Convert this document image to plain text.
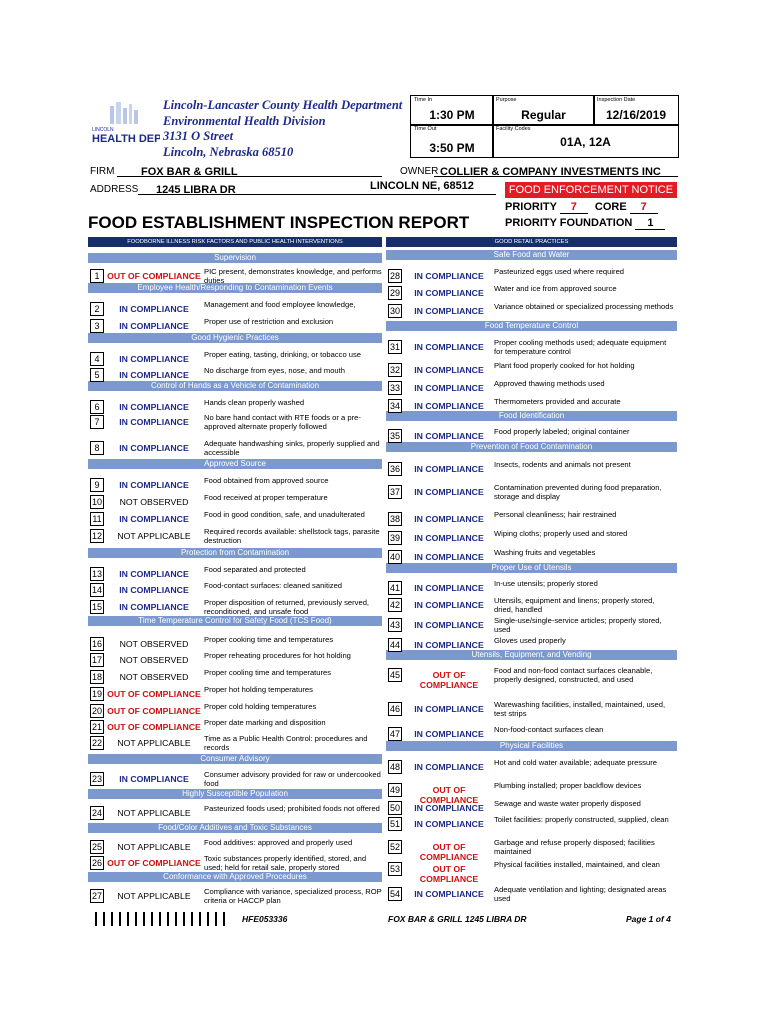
LINCOLN
HEALTH DEP
Lincoln-Lancaster County Health Department
Environmental Health Division
3131 O Street
Lincoln, Nebraska 68510
Time In
1:30 PM
Time Out
3:50 PM
Purpose
Regular
Inspection Date
12/16/2019
Facility Codes
01A, 12A
FIRM	FOX BAR & GRILL	OWNER COLLIER & COMPANY INVESTMENTS INC
ADDRESS	1245 LIBRA DR	LINCOLN NE, 68512	FOOD ENFORCEMENT NOTICE
FOOD ESTABLISHMENT INSPECTION REPORT
PRIORITY 7 CORE 7
PRIORITY FOUNDATION 1
FOODBORNE ILLNESS RISK FACTORS AND PUBLIC HEALTH INTERVENTIONS
Supervision
Employee Health/Responding to Contamination Events
Good Hygienic Practices
Control of Hands as a Vehicle of Contamination
Approved Source
Protection from Contamination
Time Temperature Control for Safety Food (TCS Food)
Consumer Advisory
Highly Susceptible Population
Food/Color Additives and Toxic Substances
Conformance with Approved Procedures
1 OUT OF COMPLIANCE PIC present, demonstrates knowledge, and performs duties
2	IN COMPLIANCE	Management and food employee knowledge,
3	IN COMPLIANCE	Proper use of restriction and exclusion
4	IN COMPLIANCE	Proper eating, tasting, drinking, or tobacco use
5	IN COMPLIANCE	No discharge from eyes, nose, and mouth
6	IN COMPLIANCE	Hands clean properly washed
7	IN COMPLIANCE	No bare hand contact with RTE foods or a pre-approved alternate properly followed
8	IN COMPLIANCE	Adequate handwashing sinks, properly supplied and accessible
9	IN COMPLIANCE	Food obtained from approved source
10	NOT OBSERVED	Food received at proper temperature
11	IN COMPLIANCE	Food in good condition, safe, and unadulterated
12	NOT APPLICABLE	Required records available: shellstock tags, parasite destruction
13	IN COMPLIANCE	Food separated and protected
14	IN COMPLIANCE	Food-contact surfaces: cleaned sanitized
15	IN COMPLIANCE	Proper disposition of returned, previously served, reconditioned, and unsafe food
16	NOT OBSERVED	Proper cooking time and temperatures
17	NOT OBSERVED	Proper reheating procedures for hot holding
18	NOT OBSERVED	Proper cooling time and temperatures
19 OUT OF COMPLIANCE Proper hot holding temperatures
20 OUT OF COMPLIANCE Proper cold holding temperatures
21 OUT OF COMPLIANCE Proper date marking and disposition
22	NOT APPLICABLE	Time as a Public Health Control: procedures and records
23	IN COMPLIANCE	Consumer advisory provided for raw or undercooked food
24	NOT APPLICABLE	Pasteurized foods used; prohibited foods not offered
25	NOT APPLICABLE	Food additives: approved and properly used
26 OUT OF COMPLIANCE Toxic substances properly identified, stored, and used; held for retail sale, properly stored
27	NOT APPLICABLE	Compliance with variance, specialized process, ROP criteria or HACCP plan
GOOD RETAIL PRACTICES
Safe Food and Water
Food Temperature Control
Food Identification
Prevention of Food Contamination
Proper Use of Utensils
Utensils, Equipment, and Vending
Physical Facilities
28	IN COMPLIANCE	Pasteurized eggs used where required
29	IN COMPLIANCE	Water and ice from approved source
30	IN COMPLIANCE	Variance obtained or specialized processing methods
31	IN COMPLIANCE	Proper cooling methods used; adequate equipment for temperature control
32	IN COMPLIANCE	Plant food properly cooked for hot holding
33	IN COMPLIANCE	Approved thawing methods used
34	IN COMPLIANCE	Thermometers provided and accurate
35	IN COMPLIANCE	Food properly labeled; original container
36	IN COMPLIANCE	Insects, rodents and animals not present
37	IN COMPLIANCE	Contamination prevented during food preparation, storage and display
38	IN COMPLIANCE	Personal cleanliness; hair restrained
39	IN COMPLIANCE	Wiping cloths; properly used and stored
40	IN COMPLIANCE	Washing fruits and vegetables
41	IN COMPLIANCE	In-use utensils; properly stored
42	IN COMPLIANCE	Utensils, equipment and linens; properly stored, dried, handled
43	IN COMPLIANCE	Single-use/single-service articles; properly stored, used
44	IN COMPLIANCE	Gloves used properly
45	OUT OF COMPLIANCE
Food and non-food contact surfaces cleanable, properly designed, constructed, and used
46	IN COMPLIANCE	Warewashing facilities, installed, maintained, used, test strips
47	IN COMPLIANCE	Non-food-contact surfaces clean
48	IN COMPLIANCE	Hot and cold water available; adequate pressure
49	OUT OF COMPLIANCE
Plumbing installed; proper backflow devices
50	IN COMPLIANCE	Sewage and waste water properly disposed
51	IN COMPLIANCE	Toilet facilities: properly constructed, supplied, clean
52	OUT OF COMPLIANCE
Garbage and refuse properly disposed; facilities maintained
53	OUT OF COMPLIANCE
Physical facilities installed, maintained, and clean
54	IN COMPLIANCE	Adequate ventilation and lighting; designated areas used
HFE053336	FOX BAR & GRILL 1245 LIBRA DR	Page 1 of 4
